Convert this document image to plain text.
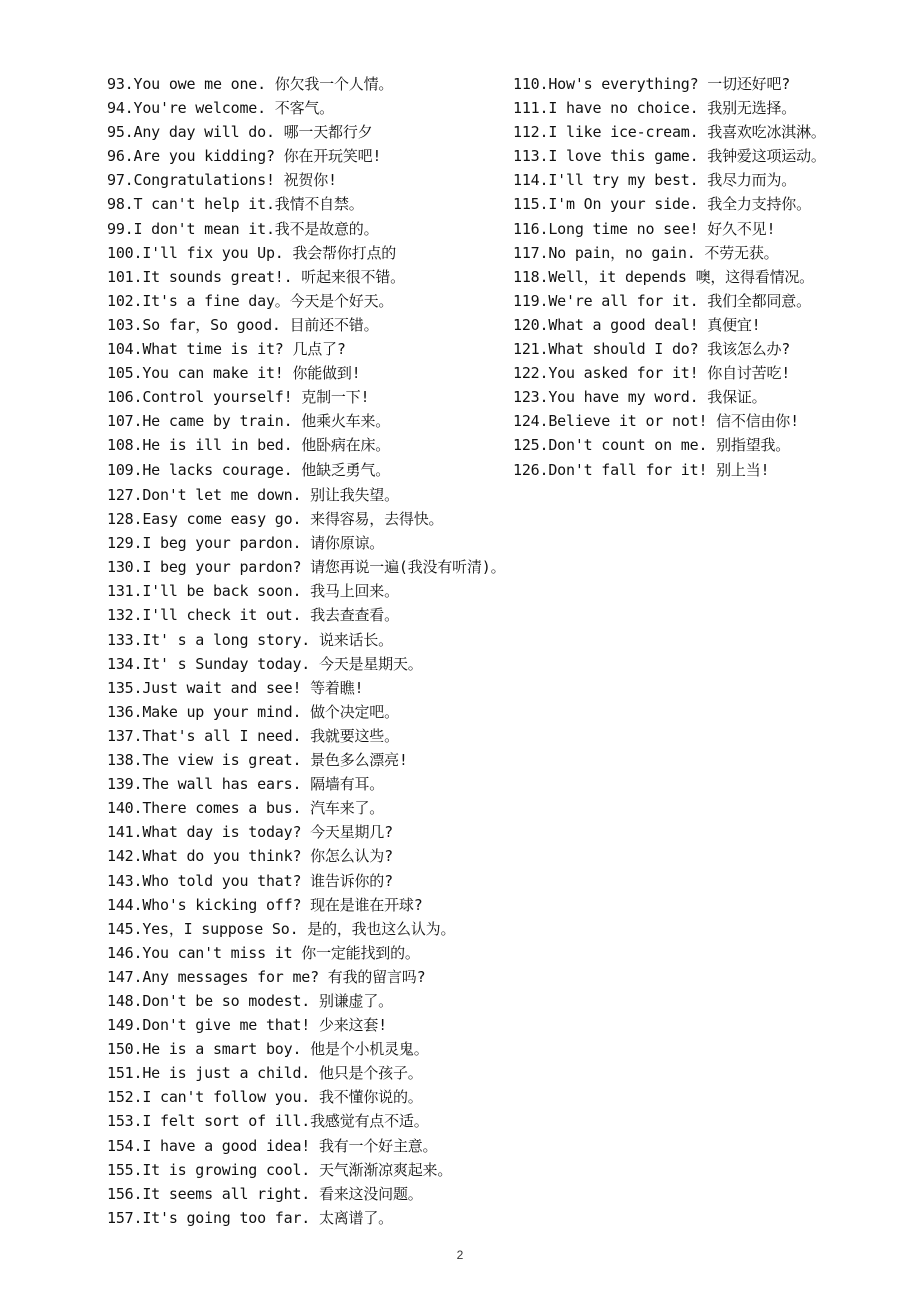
93.You owe me one. 你欠我一个人情。
94.You're welcome. 不客气。
95.Any day will do. 哪一天都行夕
96.Are you kidding? 你在开玩笑吧!
97.Congratulations! 祝贺你!
98.T can't help it.我情不自禁。
99.I don't mean it.我不是故意的。
100.I'll fix you Up. 我会帮你打点的
101.It sounds great!. 听起来很不错。
102.It's a fine day。今天是个好天。
103.So far，So good. 目前还不错。
104.What time is it? 几点了?
105.You can make it! 你能做到!
106.Control yourself! 克制一下!
107.He came by train. 他乘火车来。
108.He is ill in bed. 他卧病在床。
109.He lacks courage. 他缺乏勇气。
110.How's everything? 一切还好吧?
111.I have no choice. 我别无选择。
112.I like ice-cream. 我喜欢吃冰淇淋。
113.I love this game. 我钟爱这项运动。
114.I'll try my best. 我尽力而为。
115.I'm On your side. 我全力支持你。
116.Long time no see! 好久不见!
117.No pain，no gain. 不劳无获。
118.Well，it depends 噢，这得看情况。
119.We're all for it. 我们全都同意。
120.What a good deal! 真便宜!
121.What should I do? 我该怎么办?
122.You asked for it! 你自讨苦吃!
123.You have my word. 我保证。
124.Believe it or not! 信不信由你!
125.Don't count on me. 别指望我。
126.Don't fall for it! 别上当!
127.Don't let me down. 别让我失望。
128.Easy come easy go. 来得容易，去得快。
129.I beg your pardon. 请你原谅。
130.I beg your pardon? 请您再说一遍(我没有听清)。
131.I'll be back soon. 我马上回来。
132.I'll check it out. 我去查查看。
133.It' s a long story. 说来话长。
134.It' s Sunday today. 今天是星期天。
135.Just wait and see! 等着瞧!
136.Make up your mind. 做个决定吧。
137.That's all I need. 我就要这些。
138.The view is great. 景色多么漂亮!
139.The wall has ears. 隔墙有耳。
140.There comes a bus. 汽车来了。
141.What day is today? 今天星期几?
142.What do you think? 你怎么认为?
143.Who told you that? 谁告诉你的?
144.Who's kicking off? 现在是谁在开球?
145.Yes，I suppose So. 是的，我也这么认为。
146.You can't miss it 你一定能找到的。
147.Any messages for me? 有我的留言吗?
148.Don't be so modest. 别谦虚了。
149.Don't give me that! 少来这套!
150.He is a smart boy. 他是个小机灵鬼。
151.He is just a child. 他只是个孩子。
152.I can't follow you. 我不懂你说的。
153.I felt sort of ill.我感觉有点不适。
154.I have a good idea! 我有一个好主意。
155.It is growing cool. 天气渐渐凉爽起来。
156.It seems all right. 看来这没问题。
157.It's going too far. 太离谱了。
2
